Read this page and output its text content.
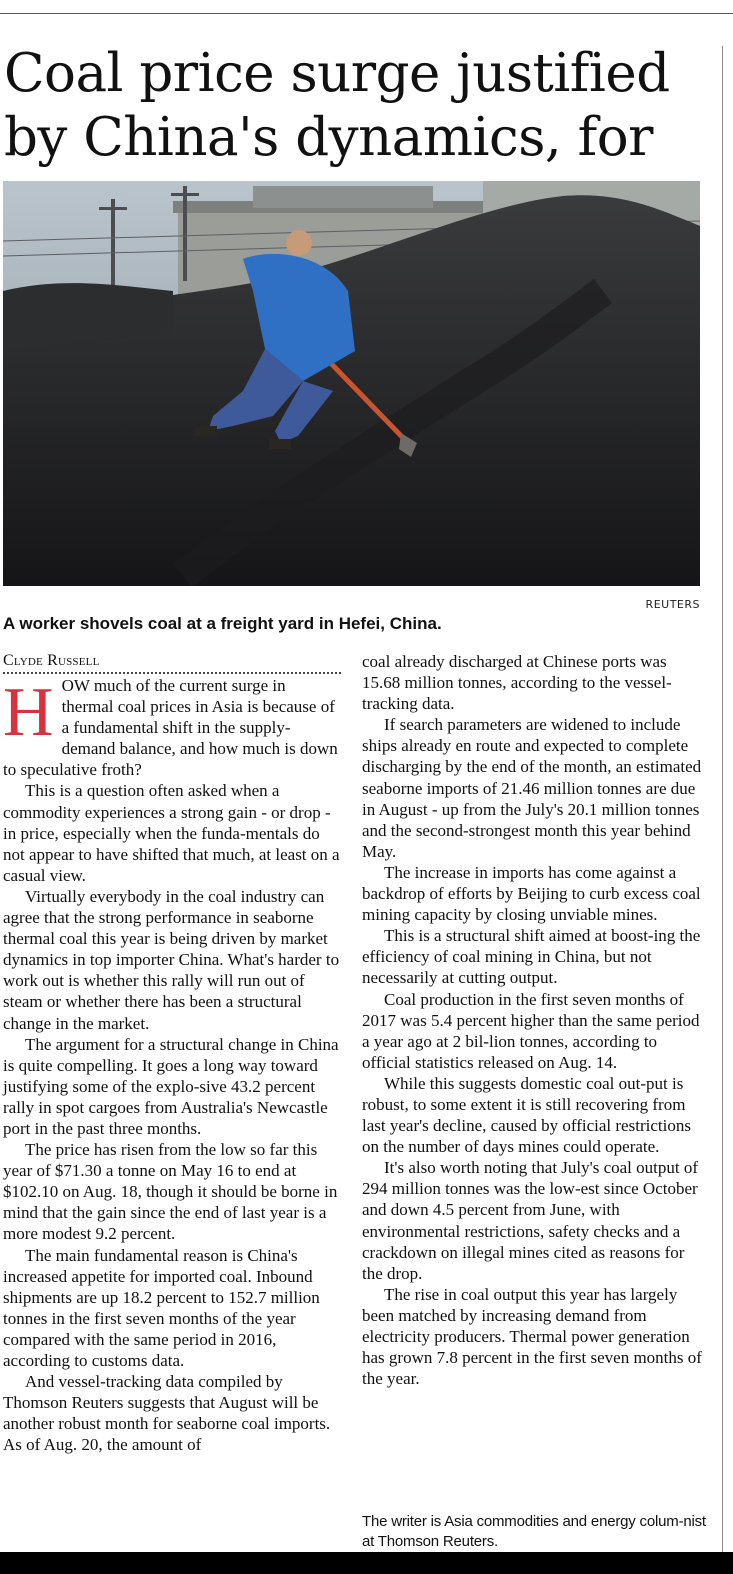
Coal price surge justified by China's dynamics, for
REUTERS
A worker shovels coal at a freight yard in Hefei, China.
Clyde Russell

HOW much of the current surge in thermal coal prices in Asia is because of a fundamental shift in the supply-demand balance, and how much is down to speculative froth?

This is a question often asked when a commodity experiences a strong gain - or drop - in price, especially when the funda-mentals do not appear to have shifted that much, at least on a casual view.

Virtually everybody in the coal industry can agree that the strong performance in seaborne thermal coal this year is being driven by market dynamics in top importer China. What's harder to work out is whether this rally will run out of steam or whether there has been a structural change in the market.

The argument for a structural change in China is quite compelling. It goes a long way toward justifying some of the explo-sive 43.2 percent rally in spot cargoes from Australia's Newcastle port in the past three months.

The price has risen from the low so far this year of $71.30 a tonne on May 16 to end at $102.10 on Aug. 18, though it should be borne in mind that the gain since the end of last year is a more modest 9.2 percent.

The main fundamental reason is China's increased appetite for imported coal. Inbound shipments are up 18.2 percent to 152.7 million tonnes in the first seven months of the year compared with the same period in 2016, according to customs data.

And vessel-tracking data compiled by Thomson Reuters suggests that August will be another robust month for seaborne coal imports. As of Aug. 20, the amount of

coal already discharged at Chinese ports was 15.68 million tonnes, according to the vessel-tracking data.

If search parameters are widened to include ships already en route and expected to complete discharging by the end of the month, an estimated seaborne imports of 21.46 million tonnes are due in August - up from the July's 20.1 million tonnes and the second-strongest month this year behind May.

The increase in imports has come against a backdrop of efforts by Beijing to curb excess coal mining capacity by closing unviable mines.

This is a structural shift aimed at boost-ing the efficiency of coal mining in China, but not necessarily at cutting output.

Coal production in the first seven months of 2017 was 5.4 percent higher than the same period a year ago at 2 bil-lion tonnes, according to official statistics released on Aug. 14.

While this suggests domestic coal out-put is robust, to some extent it is still recovering from last year's decline, caused by official restrictions on the number of days mines could operate.

It's also worth noting that July's coal output of 294 million tonnes was the low-est since October and down 4.5 percent from June, with environmental restrictions, safety checks and a crackdown on illegal mines cited as reasons for the drop.

The rise in coal output this year has largely been matched by increasing demand from electricity producers. Thermal power generation has grown 7.8 percent in the first seven months of the year.

The writer is Asia commodities and energy colum-nist at Thomson Reuters.
